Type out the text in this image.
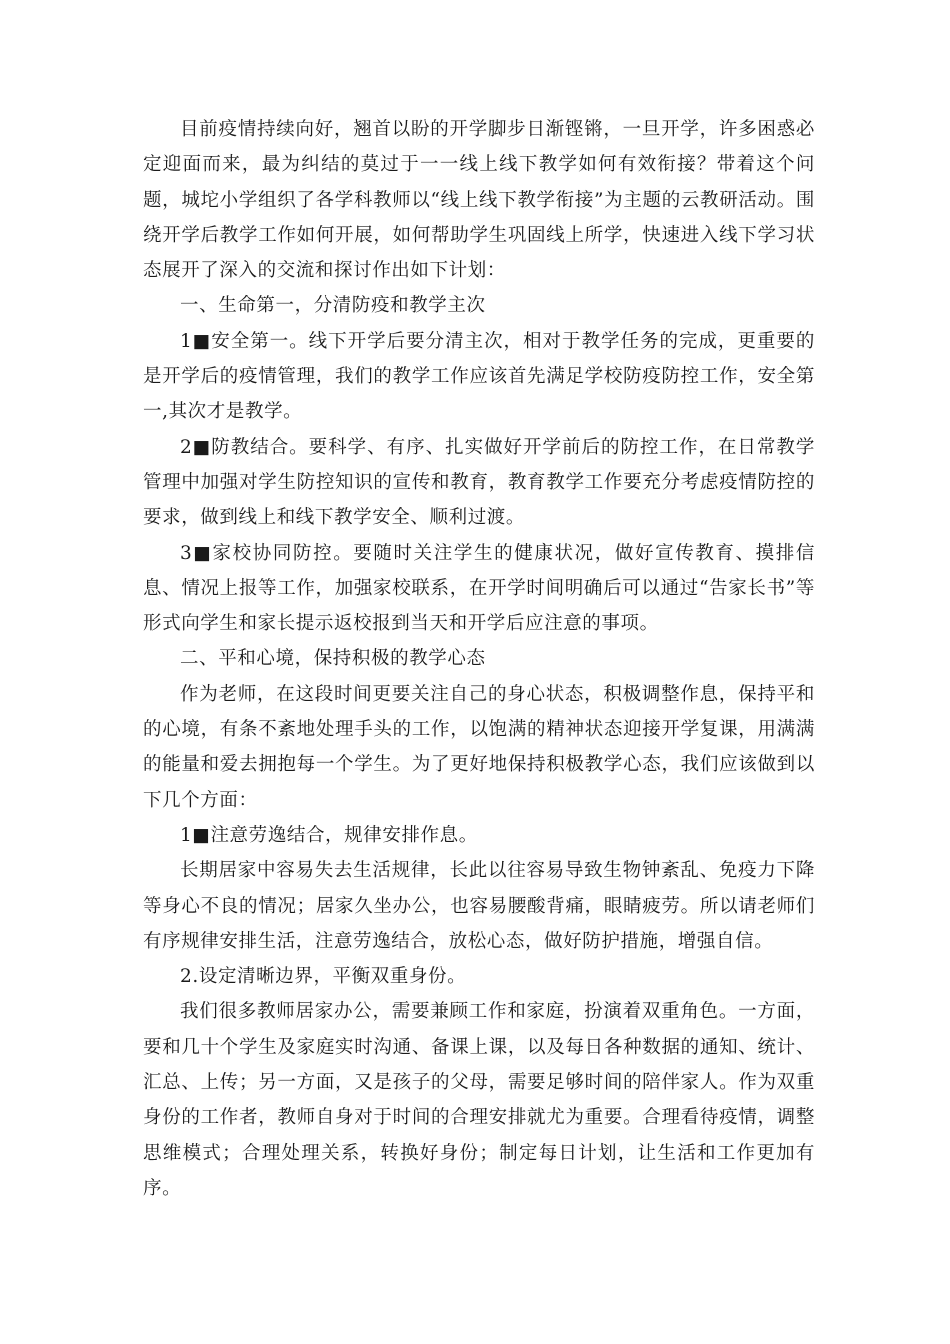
目前疫情持续向好，翘首以盼的开学脚步日渐铿锵，一旦开学，许多困惑必定迎面而来，最为纠结的莫过于一一线上线下教学如何有效衔接？带着这个问题，城坨小学组织了各学科教师以“线上线下教学衔接”为主题的云教研活动。围绕开学后教学工作如何开展，如何帮助学生巩固线上所学，快速进入线下学习状态展开了深入的交流和探讨作出如下计划：

一、生命第一，分清防疫和教学主次

1■安全第一。线下开学后要分清主次，相对于教学任务的完成，更重要的是开学后的疫情管理，我们的教学工作应该首先满足学校防疫防控工作，安全第一,其次才是教学。

2■防教结合。要科学、有序、扎实做好开学前后的防控工作，在日常教学管理中加强对学生防控知识的宣传和教育，教育教学工作要充分考虑疫情防控的要求，做到线上和线下教学安全、顺利过渡。

3■家校协同防控。要随时关注学生的健康状况，做好宣传教育、摸排信息、情况上报等工作，加强家校联系，在开学时间明确后可以通过“告家长书”等形式向学生和家长提示返校报到当天和开学后应注意的事项。

二、平和心境，保持积极的教学心态

作为老师，在这段时间更要关注自己的身心状态，积极调整作息，保持平和的心境，有条不紊地处理手头的工作，以饱满的精神状态迎接开学复课，用满满的能量和爱去拥抱每一个学生。为了更好地保持积极教学心态，我们应该做到以下几个方面：

1■注意劳逸结合，规律安排作息。

长期居家中容易失去生活规律，长此以往容易导致生物钟紊乱、免疫力下降等身心不良的情况；居家久坐办公，也容易腰酸背痛，眼睛疲劳。所以请老师们有序规律安排生活，注意劳逸结合，放松心态，做好防护措施，增强自信。

2.设定清晰边界，平衡双重身份。

我们很多教师居家办公，需要兼顾工作和家庭，扮演着双重角色。一方面，要和几十个学生及家庭实时沟通、备课上课，以及每日各种数据的通知、统计、汇总、上传；另一方面，又是孩子的父母，需要足够时间的陪伴家人。作为双重身份的工作者，教师自身对于时间的合理安排就尤为重要。合理看待疫情，调整思维模式；合理处理关系，转换好身份；制定每日计划，让生活和工作更加有序。
